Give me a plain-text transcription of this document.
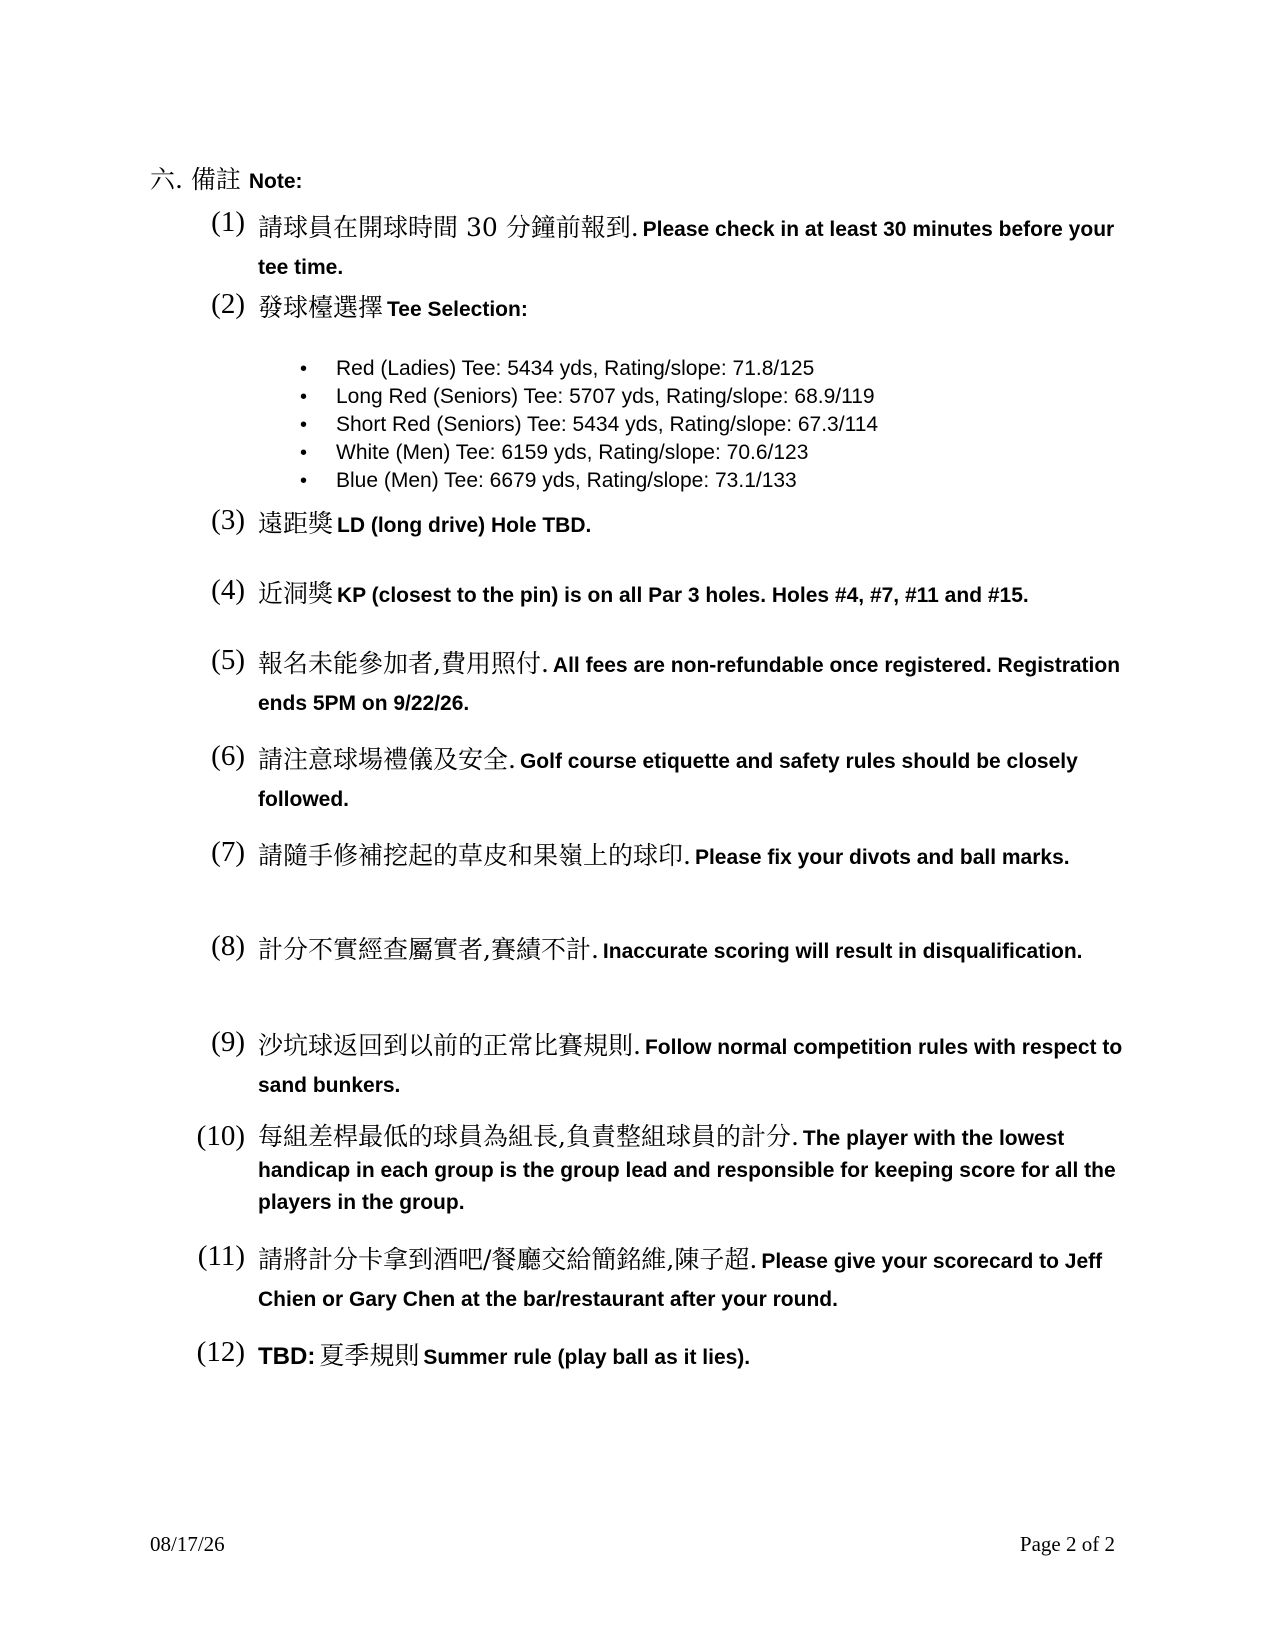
六. 備註 Note:
(1) 請球員在開球時間 30 分鐘前報到. Please check in at least 30 minutes before your tee time.
(2) 發球檯選擇 Tee Selection:
• Red (Ladies) Tee: 5434 yds, Rating/slope: 71.8/125
• Long Red (Seniors) Tee: 5707 yds, Rating/slope: 68.9/119
• Short Red (Seniors) Tee: 5434 yds, Rating/slope: 67.3/114
• White (Men) Tee: 6159 yds, Rating/slope: 70.6/123
• Blue (Men) Tee: 6679 yds, Rating/slope: 73.1/133
(3) 遠距獎 LD (long drive) Hole TBD.
(4) 近洞獎 KP (closest to the pin) is on all Par 3 holes. Holes #4, #7, #11 and #15.
(5) 報名未能參加者,費用照付. All fees are non-refundable once registered. Registration ends 5PM on 9/22/26.
(6) 請注意球場禮儀及安全. Golf course etiquette and safety rules should be closely followed.
(7) 請隨手修補挖起的草皮和果嶺上的球印. Please fix your divots and ball marks.
(8) 計分不實經查屬實者,賽績不計. Inaccurate scoring will result in disqualification.
(9) 沙坑球返回到以前的正常比賽規則. Follow normal competition rules with respect to sand bunkers.
(10) 每組差桿最低的球員為組長,負責整組球員的計分. The player with the lowest handicap in each group is the group lead and responsible for keeping score for all the players in the group.
(11) 請將計分卡拿到酒吧/餐廳交給簡銘維,陳子超. Please give your scorecard to Jeff Chien or Gary Chen at the bar/restaurant after your round.
(12) TBD: 夏季規則 Summer rule (play ball as it lies).
08/17/26	Page 2 of 2
